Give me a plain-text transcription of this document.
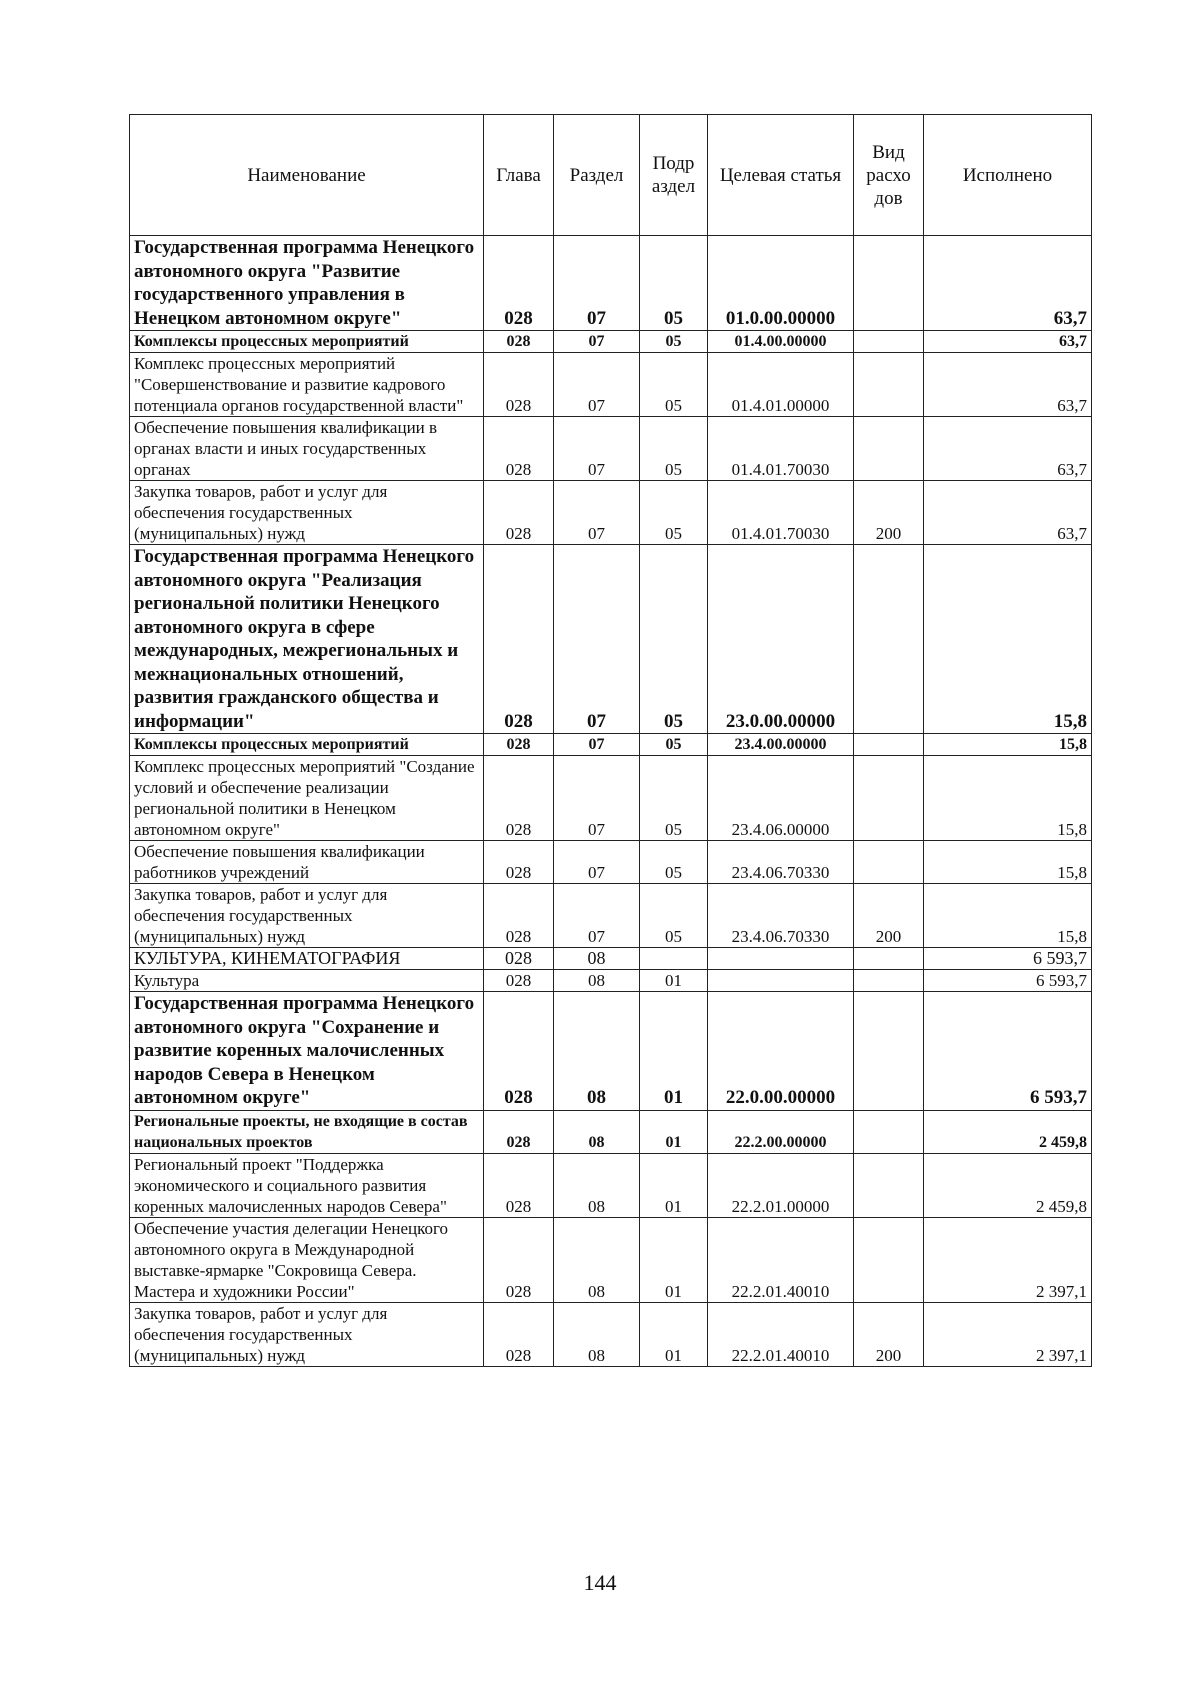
Наименование	Глава	Раздел	Подр аздел	Целевая статья	Вид расхо дов	Исполнено
Государственная программа Ненецкого автономного округа "Развитие государственного управления в Ненецком автономном округе"	028	07	05	01.0.00.00000		63,7
Комплексы процессных мероприятий	028	07	05	01.4.00.00000		63,7
Комплекс процессных мероприятий "Совершенствование и развитие кадрового потенциала органов государственной власти"	028	07	05	01.4.01.00000		63,7
Обеспечение повышения квалификации в органах власти и иных государственных органах	028	07	05	01.4.01.70030		63,7
Закупка товаров, работ и услуг для обеспечения государственных (муниципальных) нужд	028	07	05	01.4.01.70030	200	63,7
Государственная программа Ненецкого автономного округа "Реализация региональной политики Ненецкого автономного округа в сфере международных, межрегиональных и межнациональных отношений, развития гражданского общества и информации"	028	07	05	23.0.00.00000		15,8
Комплексы процессных мероприятий	028	07	05	23.4.00.00000		15,8
Комплекс процессных мероприятий "Создание условий и обеспечение реализации региональной политики в Ненецком автономном округе"	028	07	05	23.4.06.00000		15,8
Обеспечение повышения квалификации работников учреждений	028	07	05	23.4.06.70330		15,8
Закупка товаров, работ и услуг для обеспечения государственных (муниципальных) нужд	028	07	05	23.4.06.70330	200	15,8
КУЛЬТУРА, КИНЕМАТОГРАФИЯ	028	08				6 593,7
Культура	028	08	01			6 593,7
Государственная программа Ненецкого автономного округа "Сохранение и развитие коренных малочисленных народов Севера в Ненецком автономном округе"	028	08	01	22.0.00.00000		6 593,7
Региональные проекты, не входящие в состав национальных проектов	028	08	01	22.2.00.00000		2 459,8
Региональный проект "Поддержка экономического и социального развития коренных малочисленных народов Севера"	028	08	01	22.2.01.00000		2 459,8
Обеспечение участия делегации Ненецкого автономного округа в Международной выставке-ярмарке "Сокровища Севера. Мастера и художники России"	028	08	01	22.2.01.40010		2 397,1
Закупка товаров, работ и услуг для обеспечения государственных (муниципальных) нужд	028	08	01	22.2.01.40010	200	2 397,1
144
